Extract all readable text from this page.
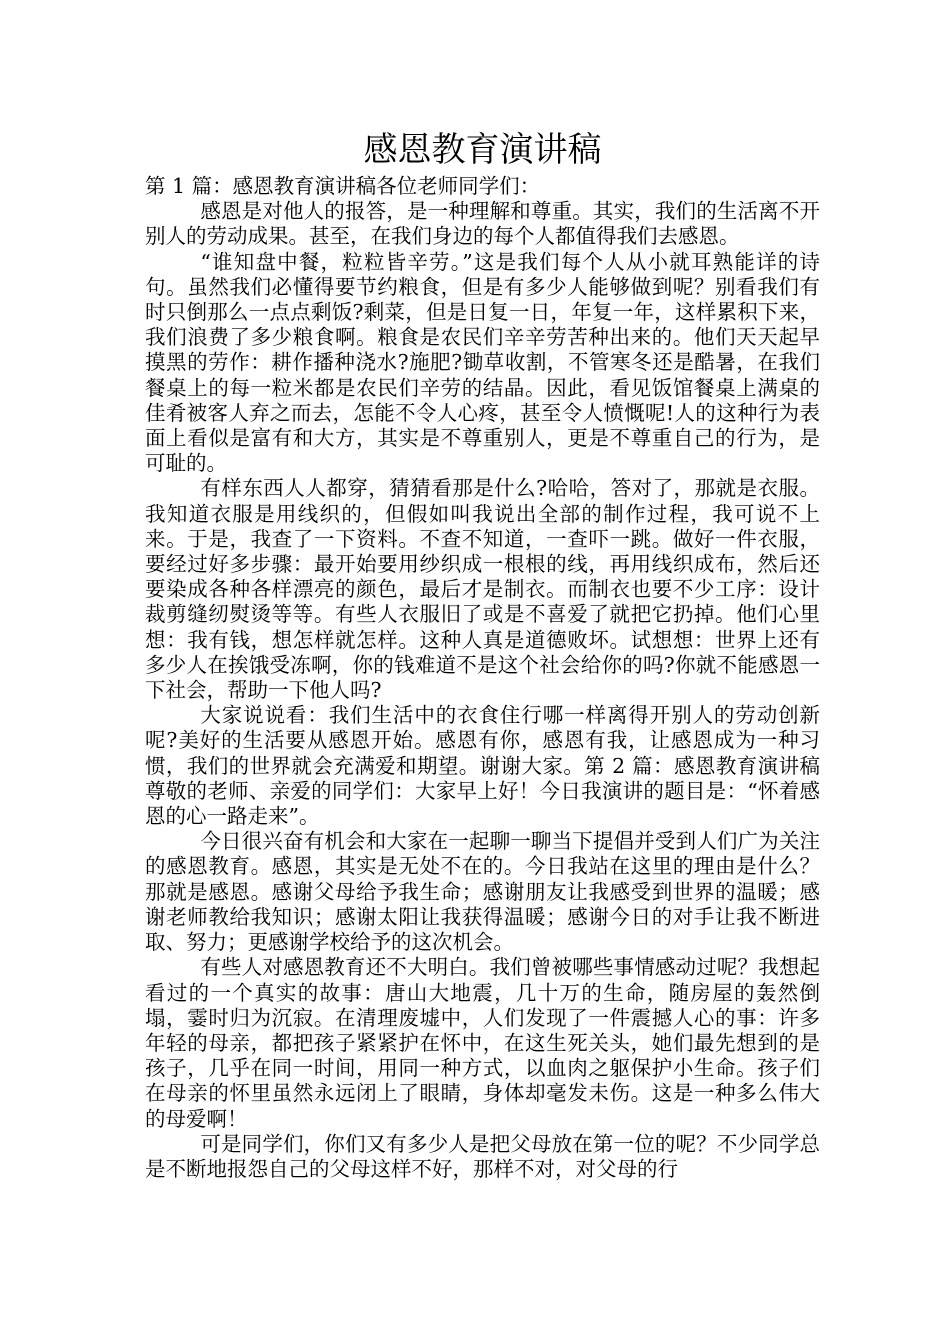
感恩教育演讲稿

第 1 篇：感恩教育演讲稿各位老师同学们：

感恩是对他人的报答，是一种理解和尊重。其实，我们的生活离不开别人的劳动成果。甚至，在我们身边的每个人都值得我们去感恩。

“谁知盘中餐，粒粒皆辛劳。”这是我们每个人从小就耳熟能详的诗句。虽然我们必懂得要节约粮食，但是有多少人能够做到呢？别看我们有时只倒那么一点点剩饭?剩菜，但是日复一日，年复一年，这样累积下来，我们浪费了多少粮食啊。粮食是农民们辛辛劳苦种出来的。他们天天起早摸黑的劳作：耕作播种浇水?施肥?锄草收割，不管寒冬还是酷暑，在我们餐桌上的每一粒米都是农民们辛劳的结晶。因此，看见饭馆餐桌上满桌的佳肴被客人弃之而去，怎能不令人心疼，甚至令人愤慨呢!人的这种行为表面上看似是富有和大方，其实是不尊重别人，更是不尊重自己的行为，是可耻的。

有样东西人人都穿，猜猜看那是什么?哈哈，答对了，那就是衣服。我知道衣服是用线织的，但假如叫我说出全部的制作过程，我可说不上来。于是，我查了一下资料。不查不知道，一查吓一跳。做好一件衣服，要经过好多步骤：最开始要用纱织成一根根的线，再用线织成布，然后还要染成各种各样漂亮的颜色，最后才是制衣。而制衣也要不少工序：设计裁剪缝纫熨烫等等。有些人衣服旧了或是不喜爱了就把它扔掉。他们心里想：我有钱，想怎样就怎样。这种人真是道德败坏。试想想：世界上还有多少人在挨饿受冻啊，你的钱难道不是这个社会给你的吗?你就不能感恩一下社会，帮助一下他人吗?

大家说说看：我们生活中的衣食住行哪一样离得开别人的劳动创新呢?美好的生活要从感恩开始。感恩有你，感恩有我，让感恩成为一种习惯，我们的世界就会充满爱和期望。谢谢大家。第 2 篇：感恩教育演讲稿尊敬的老师、亲爱的同学们：大家早上好！今日我演讲的题目是：“怀着感恩的心一路走来”。

今日很兴奋有机会和大家在一起聊一聊当下提倡并受到人们广为关注的感恩教育。感恩，其实是无处不在的。今日我站在这里的理由是什么？那就是感恩。感谢父母给予我生命；感谢朋友让我感受到世界的温暖；感谢老师教给我知识；感谢太阳让我获得温暖；感谢今日的对手让我不断进取、努力；更感谢学校给予的这次机会。

有些人对感恩教育还不大明白。我们曾被哪些事情感动过呢？我想起看过的一个真实的故事：唐山大地震，几十万的生命，随房屋的轰然倒塌，霎时归为沉寂。在清理废墟中，人们发现了一件震撼人心的事：许多年轻的母亲，都把孩子紧紧护在怀中，在这生死关头，她们最先想到的是孩子，几乎在同一时间，用同一种方式，以血肉之躯保护小生命。孩子们在母亲的怀里虽然永远闭上了眼睛，身体却毫发未伤。这是一种多么伟大的母爱啊！

可是同学们，你们又有多少人是把父母放在第一位的呢？不少同学总是不断地报怨自己的父母这样不好，那样不对，对父母的行
